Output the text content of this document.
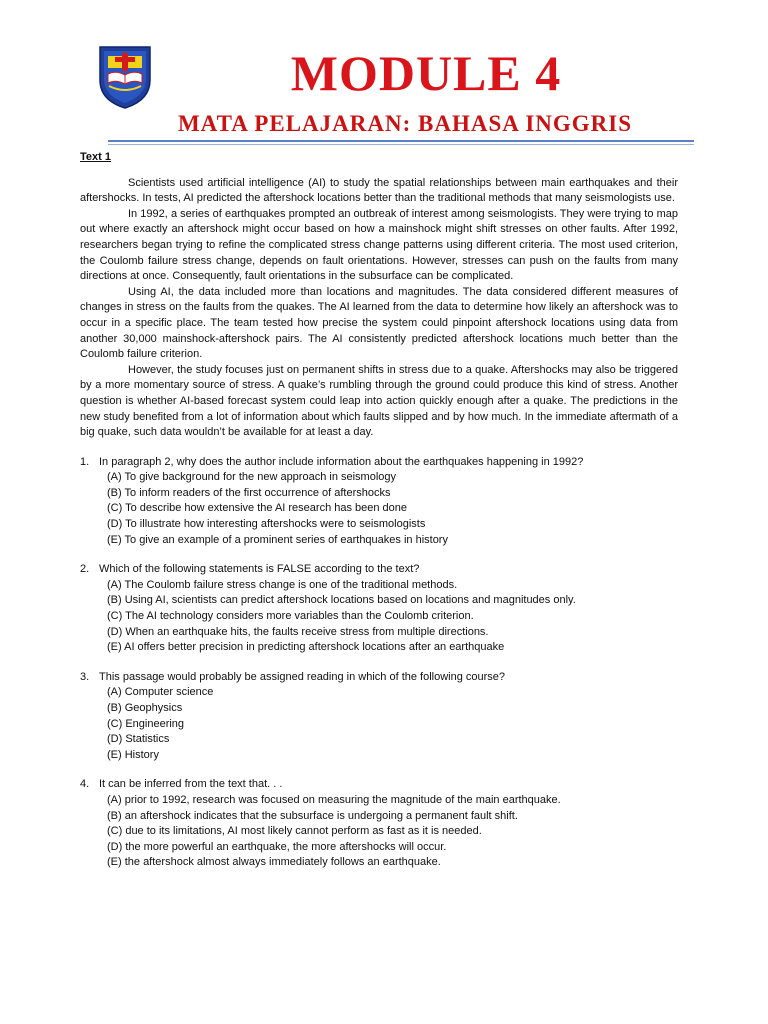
MODULE 4
MATA PELAJARAN: BAHASA INGGRIS
Text 1

Scientists used artificial intelligence (AI) to study the spatial relationships between main earthquakes and their aftershocks. In tests, AI predicted the aftershock locations better than the traditional methods that many seismologists use.

In 1992, a series of earthquakes prompted an outbreak of interest among seismologists. They were trying to map out where exactly an aftershock might occur based on how a mainshock might shift stresses on other faults. After 1992, researchers began trying to refine the complicated stress change patterns using different criteria. The most used criterion, the Coulomb failure stress change, depends on fault orientations. However, stresses can push on the faults from many directions at once. Consequently, fault orientations in the subsurface can be complicated.

Using AI, the data included more than locations and magnitudes. The data considered different measures of changes in stress on the faults from the quakes. The AI learned from the data to determine how likely an aftershock was to occur in a specific place. The team tested how precise the system could pinpoint aftershock locations using data from another 30,000 mainshock-aftershock pairs. The AI consistently predicted aftershock locations much better than the Coulomb failure criterion.

However, the study focuses just on permanent shifts in stress due to a quake. Aftershocks may also be triggered by a more momentary source of stress. A quake’s rumbling through the ground could produce this kind of stress. Another question is whether AI-based forecast system could leap into action quickly enough after a quake. The predictions in the new study benefited from a lot of information about which faults slipped and by how much. In the immediate aftermath of a big quake, such data wouldn’t be available for at least a day.

1. In paragraph 2, why does the author include information about the earthquakes happening in 1992?
(A) To give background for the new approach in seismology
(B) To inform readers of the first occurrence of aftershocks
(C) To describe how extensive the AI research has been done
(D) To illustrate how interesting aftershocks were to seismologists
(E) To give an example of a prominent series of earthquakes in history
2. Which of the following statements is FALSE according to the text?
(A) The Coulomb failure stress change is one of the traditional methods.
(B) Using AI, scientists can predict aftershock locations based on locations and magnitudes only.
(C) The AI technology considers more variables than the Coulomb criterion.
(D) When an earthquake hits, the faults receive stress from multiple directions.
(E) AI offers better precision in predicting aftershock locations after an earthquake
3. This passage would probably be assigned reading in which of the following course?
(A) Computer science
(B) Geophysics
(C) Engineering
(D) Statistics
(E) History
4. It can be inferred from the text that. . .
(A) prior to 1992, research was focused on measuring the magnitude of the main earthquake.
(B) an aftershock indicates that the subsurface is undergoing a permanent fault shift.
(C) due to its limitations, AI most likely cannot perform as fast as it is needed.
(D) the more powerful an earthquake, the more aftershocks will occur.
(E) the aftershock almost always immediately follows an earthquake.
